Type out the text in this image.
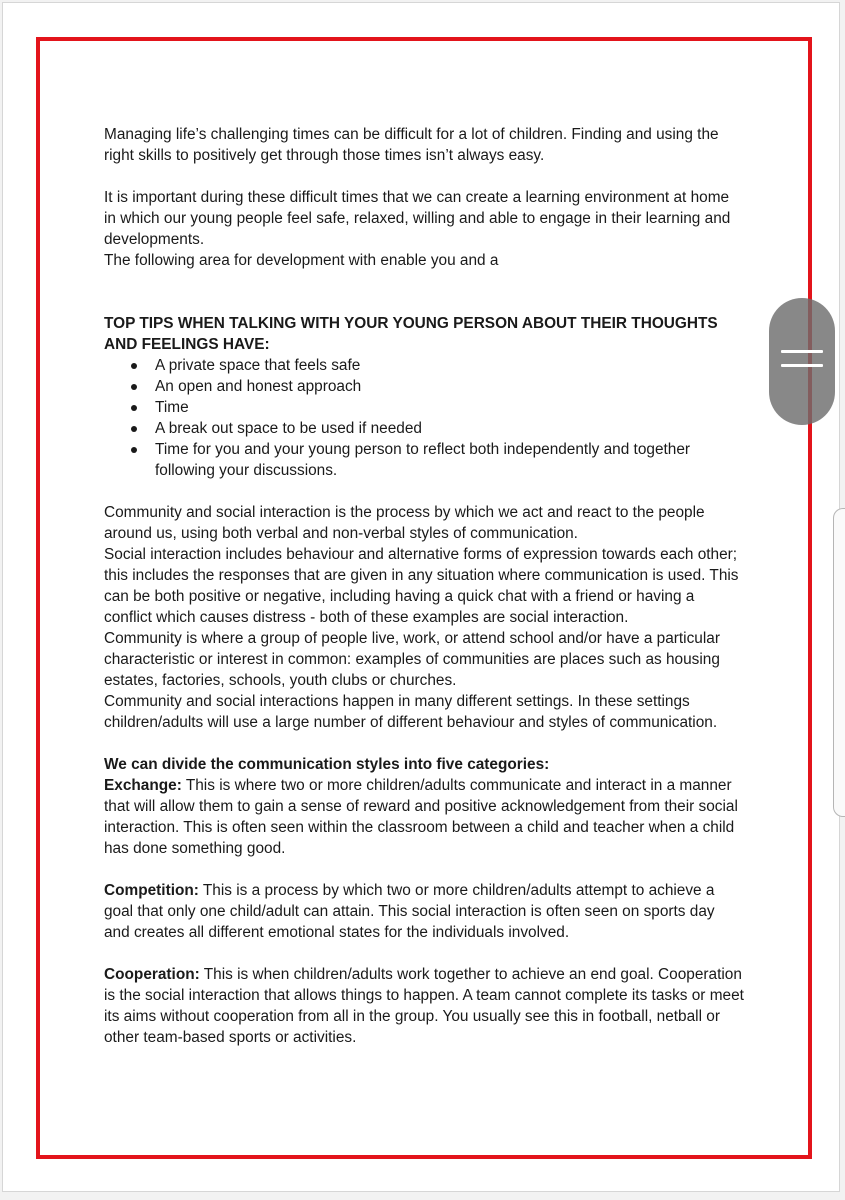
Managing life’s challenging times can be difficult for a lot of children. Finding and using the right skills to positively get through those times isn’t always easy.

It is important during these difficult times that we can create a learning environment at home in which our young people feel safe, relaxed, willing and able to engage in their learning and developments.

The following area for development with enable you and a

TOP TIPS WHEN TALKING WITH YOUR YOUNG PERSON ABOUT THEIR THOUGHTS AND FEELINGS HAVE:

A private space that feels safe
An open and honest approach
Time
A break out space to be used if needed
Time for you and your young person to reflect both independently and together following your discussions.

Community and social interaction is the process by which we act and react to the people around us, using both verbal and non-verbal styles of communication.

Social interaction includes behaviour and alternative forms of expression towards each other; this includes the responses that are given in any situation where communication is used. This can be both positive or negative, including having a quick chat with a friend or having a conflict which causes distress - both of these examples are social interaction.

Community is where a group of people live, work, or attend school and/or have a particular characteristic or interest in common: examples of communities are places such as housing estates, factories, schools, youth clubs or churches.

Community and social interactions happen in many different settings. In these settings children/adults will use a large number of different behaviour and styles of communication.

We can divide the communication styles into five categories:

Exchange: This is where two or more children/adults communicate and interact in a manner that will allow them to gain a sense of reward and positive acknowledgement from their social interaction. This is often seen within the classroom between a child and teacher when a child has done something good.

Competition: This is a process by which two or more children/adults attempt to achieve a goal that only one child/adult can attain. This social interaction is often seen on sports day and creates all different emotional states for the individuals involved.

Cooperation: This is when children/adults work together to achieve an end goal. Cooperation is the social interaction that allows things to happen. A team cannot complete its tasks or meet its aims without cooperation from all in the group. You usually see this in football, netball or other team-based sports or activities.
